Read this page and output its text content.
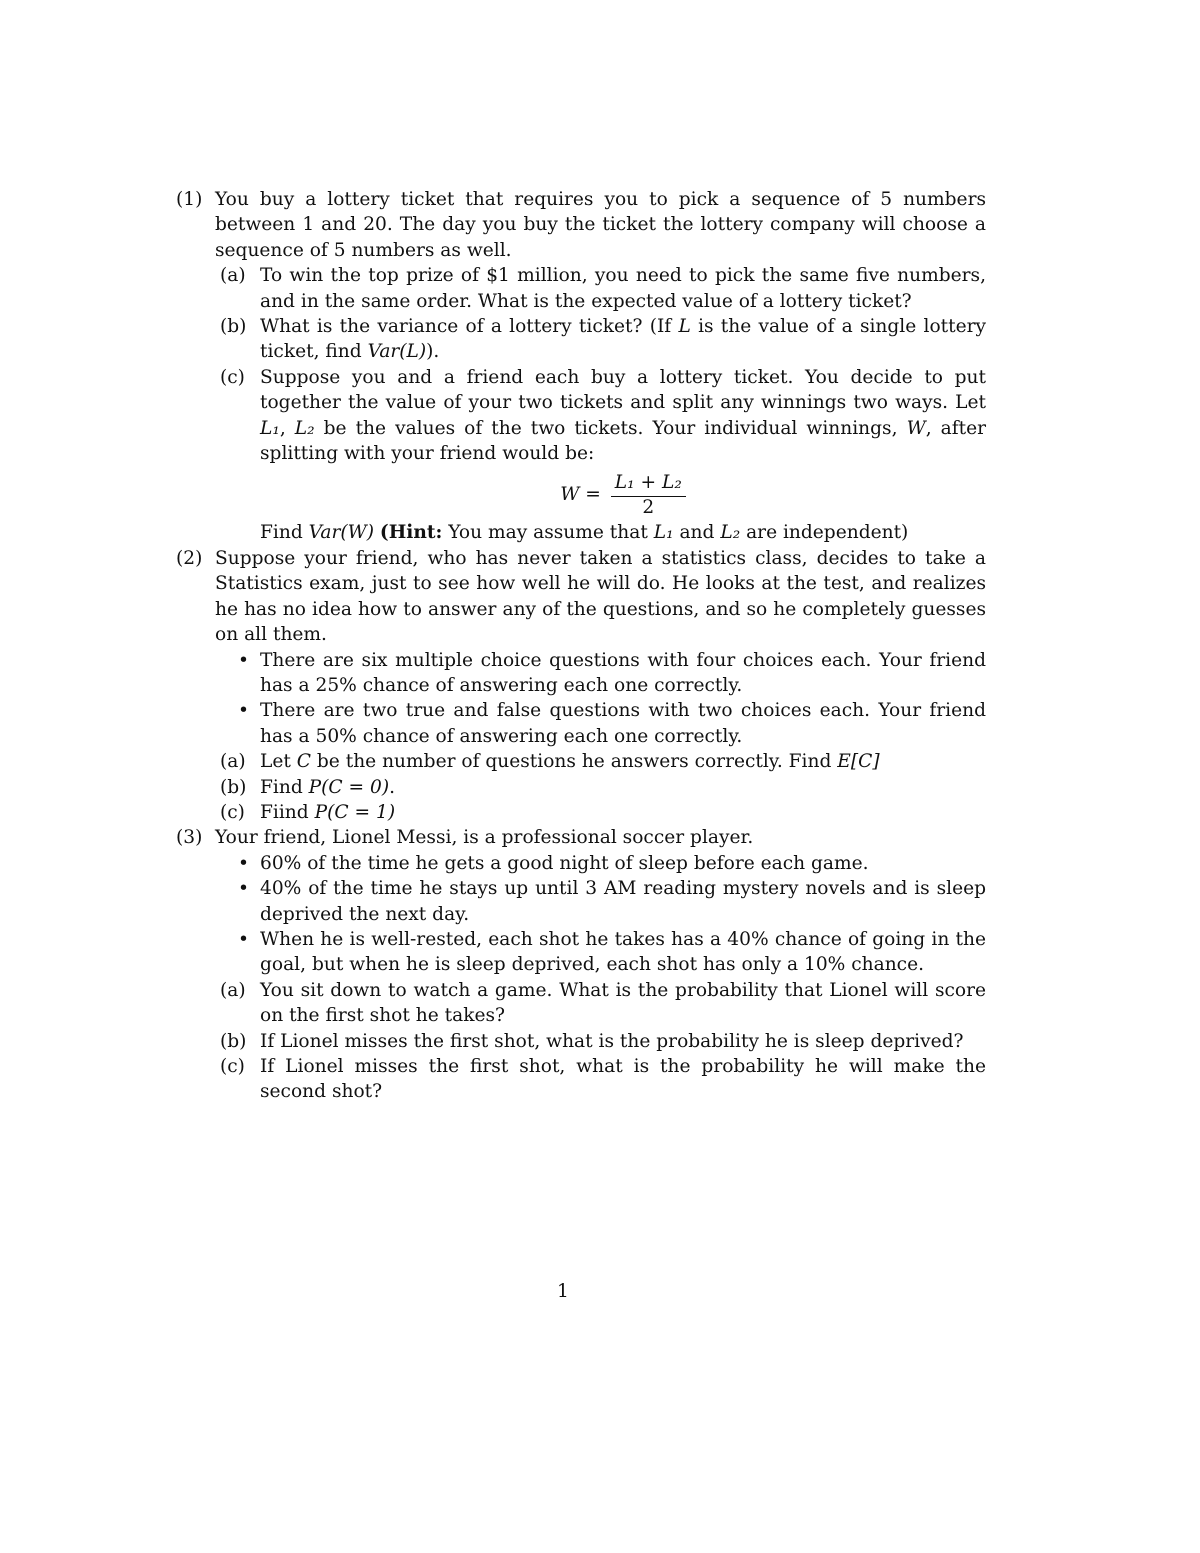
(1) You buy a lottery ticket that requires you to pick a sequence of 5 numbers between 1 and 20. The day you buy the ticket the lottery company will choose a sequence of 5 numbers as well.
(a) To win the top prize of $1 million, you need to pick the same five numbers, and in the same order. What is the expected value of a lottery ticket?
(b) What is the variance of a lottery ticket? (If L is the value of a single lottery ticket, find Var(L)).
(c) Suppose you and a friend each buy a lottery ticket. You decide to put together the value of your two tickets and split any winnings two ways. Let L₁, L₂ be the values of the two tickets. Your individual winnings, W, after splitting with your friend would be:
$W = \frac{\text{L₁ + L₂}}{2}$
Find Var(W) (Hint: You may assume that L₁ and L₂ are independent)
(2) Suppose your friend, who has never taken a statistics class, decides to take a Statistics exam, just to see how well he will do. He looks at the test, and realizes he has no idea how to answer any of the questions, and so he completely guesses on all them.
• There are six multiple choice questions with four choices each. Your friend has a 25% chance of answering each one correctly.
• There are two true and false questions with two choices each. Your friend has a 50% chance of answering each one correctly.
(a) Let C be the number of questions he answers correctly. Find E[C]
(b) Find P(C = 0).
(c) Fiind P(C = 1)
(3) Your friend, Lionel Messi, is a professional soccer player.
• 60% of the time he gets a good night of sleep before each game.
• 40% of the time he stays up until 3 AM reading mystery novels and is sleep deprived the next day.
• When he is well-rested, each shot he takes has a 40% chance of going in the goal, but when he is sleep deprived, each shot has only a 10% chance.
(a) You sit down to watch a game. What is the probability that Lionel will score on the first shot he takes?
(b) If Lionel misses the first shot, what is the probability he is sleep deprived?
(c) If Lionel misses the first shot, what is the probability he will make the second shot?
1
